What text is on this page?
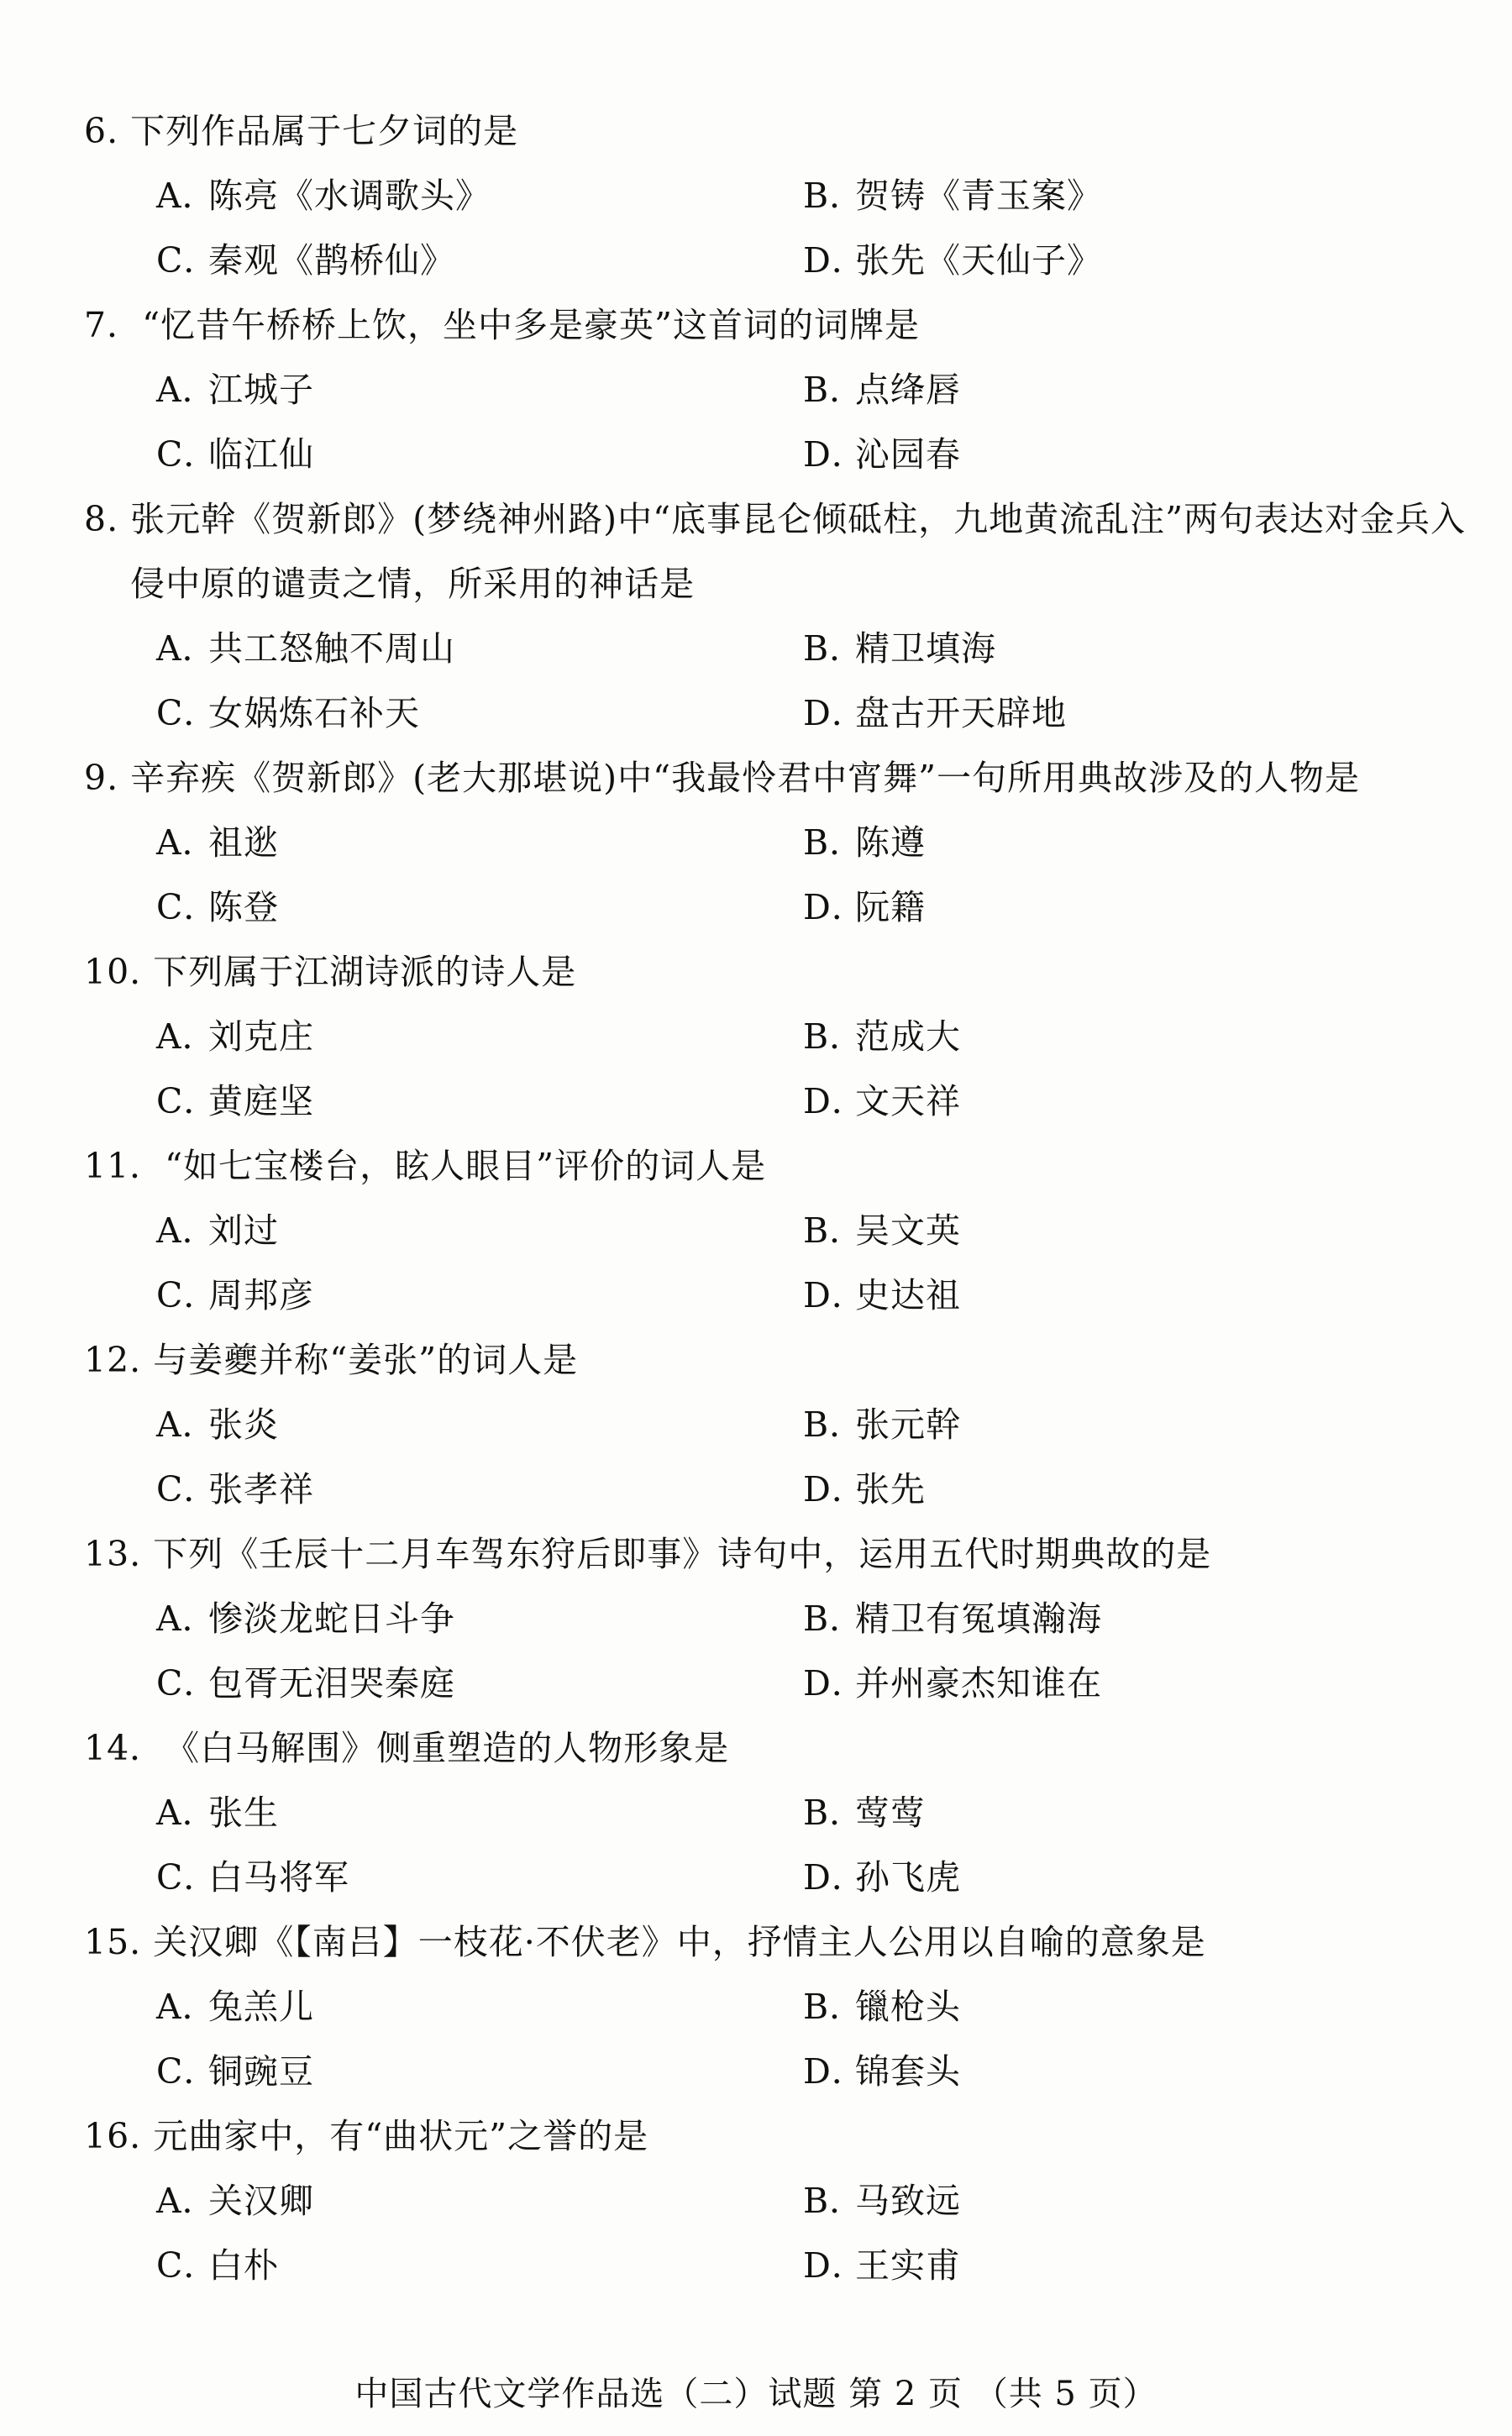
6 . 下列作品属于七夕词的是
A．
陈亮《水调歌头》	B．
贺铸《青玉案》
C．
秦观《鹊桥仙》	D．
张先《天仙子》
7． “忆昔午桥桥上饮，坐中多是豪英”这首词的词牌是
A．
江城子	B．
点绛唇
C．
临江仙	D．
沁园春
8 . 张元幹《贺新郎》(梦绕神州路)中“底事昆仑倾砥柱，九地黄流乱注”两句表达对金兵入侵中原的谴责之情，所采用的神话是
A．
共工怒触不周山	B．
精卫填海
C．
女娲炼石补天	D．
盘古开天辟地
9 . 辛弃疾《贺新郎》(老大那堪说)中“我最怜君中宵舞”一句所用典故涉及的人物是
A．
祖逖	B．
陈遵
C．
陈登	D．
阮籍
10 . 下列属于江湖诗派的诗人是
A．
刘克庄	B．
范成大
C．
黄庭坚	D．
文天祥
11． “如七宝楼台，眩人眼目”评价的词人是
A．
刘过	B．
吴文英
C．
周邦彦	D．
史达祖
12 . 与姜夔并称“姜张”的词人是
A．
张炎	B．
张元幹
C．
张孝祥	D．
张先
13 . 下列《壬辰十二月车驾东狩后即事》诗句中，运用五代时期典故的是
A．
惨淡龙蛇日斗争	B．
精卫有冤填瀚海
C．
包胥无泪哭秦庭	D．
并州豪杰知谁在
14． 《白马解围》侧重塑造的人物形象是
A．
张生	B．
莺莺
C．
白马将军	D．
孙飞虎
15 . 关汉卿《【南吕】一枝花·不伏老》中，抒情主人公用以自喻的意象是
A．
兔羔儿	B．
镴枪头
C．
铜豌豆	D．
锦套头
16 . 元曲家中，有“曲状元”之誉的是
A．
关汉卿	B．
马致远
C．
白朴	D．
王实甫
中国古代文学作品选（二）试题 第 2 页 （共 5 页）
